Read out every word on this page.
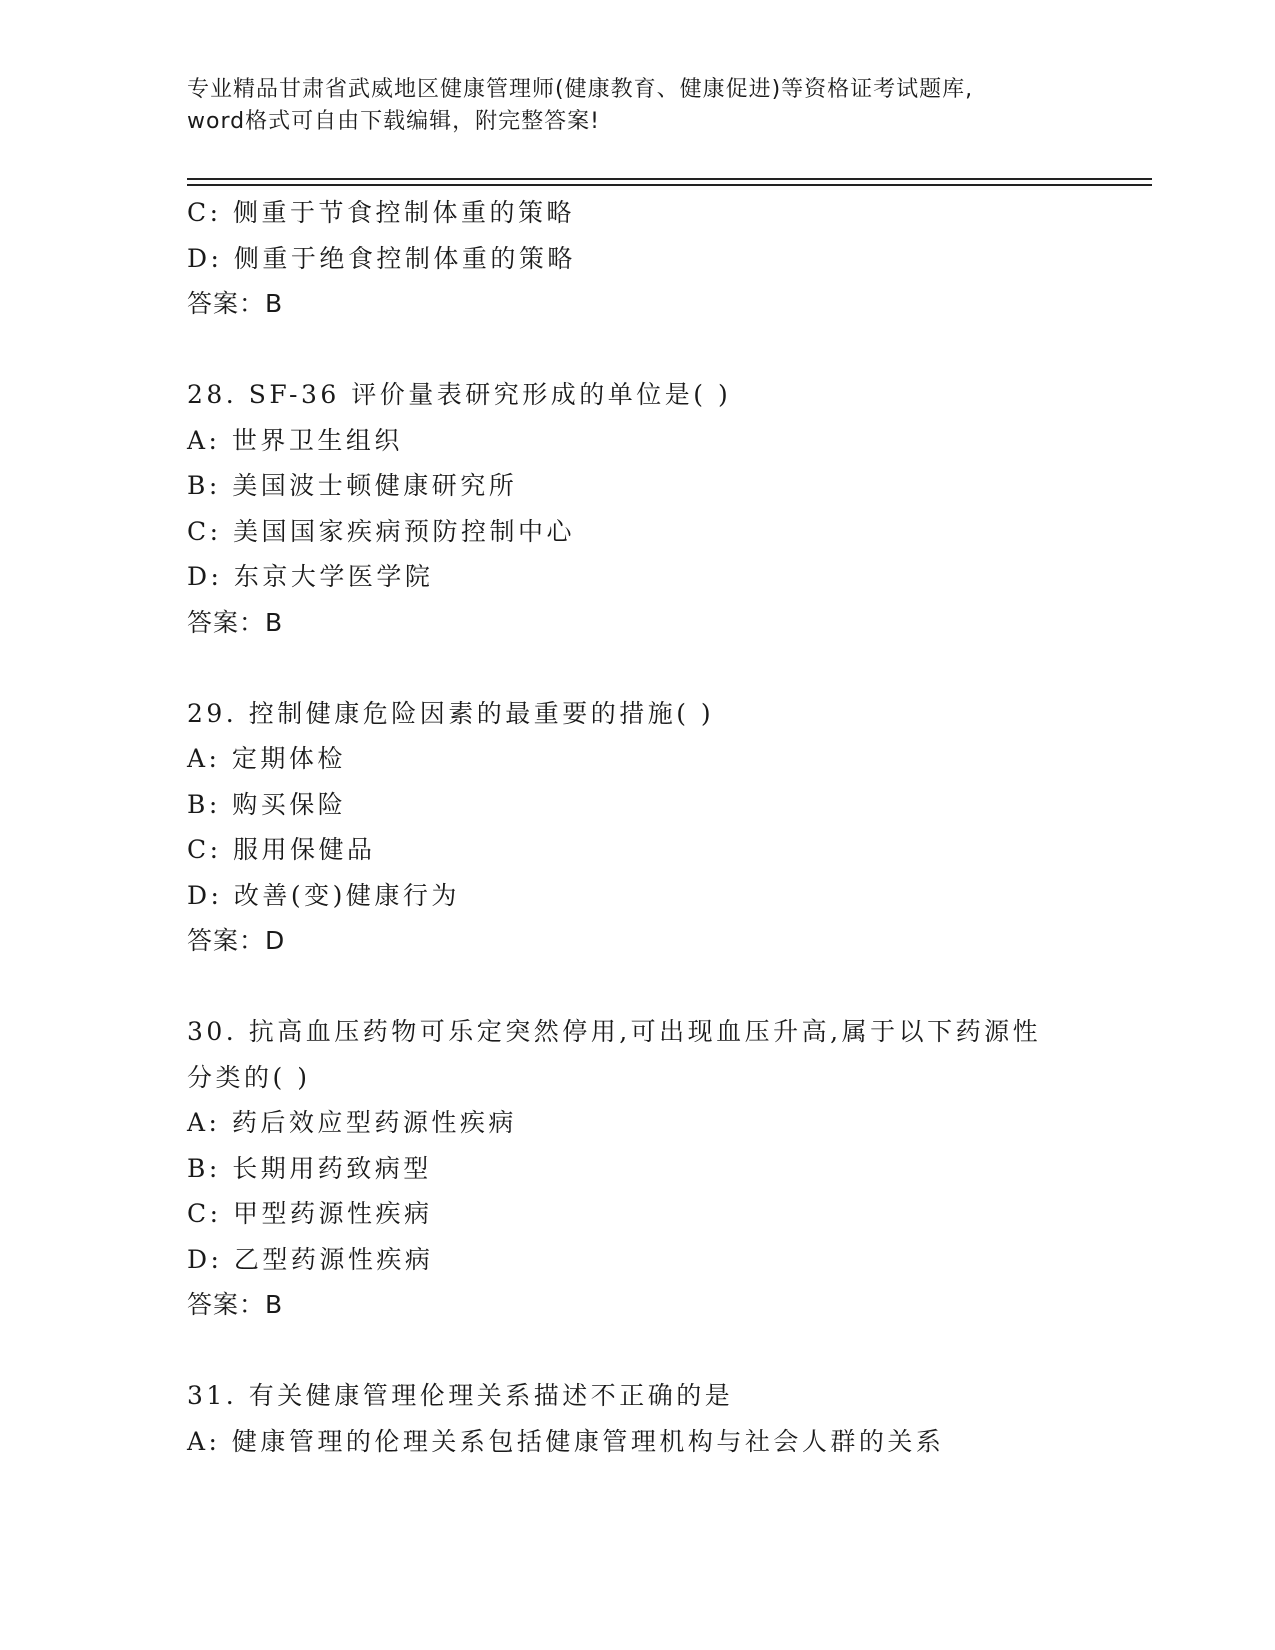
专业精品甘肃省武威地区健康管理师(健康教育、健康促进)等资格证考试题库,
word格式可自由下载编辑，附完整答案!
C: 侧重于节食控制体重的策略
D: 侧重于绝食控制体重的策略
答案：B
28. SF-36 评价量表研究形成的单位是( )
A: 世界卫生组织
B: 美国波士顿健康研究所
C: 美国国家疾病预防控制中心
D: 东京大学医学院
答案：B
29. 控制健康危险因素的最重要的措施( )
A: 定期体检
B: 购买保险
C: 服用保健品
D: 改善(变)健康行为
答案：D
30. 抗高血压药物可乐定突然停用,可出现血压升高,属于以下药源性
分类的( )
A: 药后效应型药源性疾病
B: 长期用药致病型
C: 甲型药源性疾病
D: 乙型药源性疾病
答案：B
31. 有关健康管理伦理关系描述不正确的是
A: 健康管理的伦理关系包括健康管理机构与社会人群的关系
